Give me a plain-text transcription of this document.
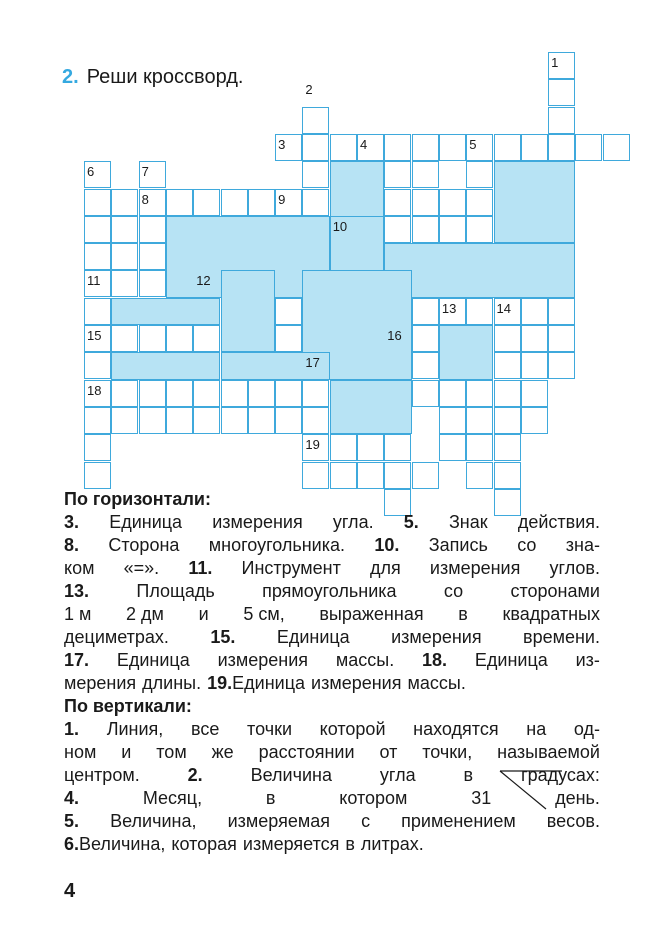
2. Реши кроссворд.
1
2
3	4	5
6	7
8	9
10
11	12
13	14
15	16
17
18
19
По горизонтали:
3. Единица измерения угла. 5. Знак действия.
8. Сторона многоугольника. 10. Запись со зна-
ком «=». 11. Инструмент для измерения углов.
13.	Площадь	прямоугольника	со	сторонами
1 м 2 дм и 5 см, выраженная в квадратных
дециметрах. 15. Единица измерения времени.
17. Единица измерения массы. 18. Единица из-
мерения длины. 19. Единица измерения массы.
По вертикали:
1. Линия, все точки которой находятся на од-
ном и том же расстоянии от точки, называемой
центром.	2.	Величина	угла	в	градусах:
4.	Месяц,	в	котором	31	день.
5. Величина, измеряемая с применением весов.
6. Величина, которая измеряется в литрах.
4
